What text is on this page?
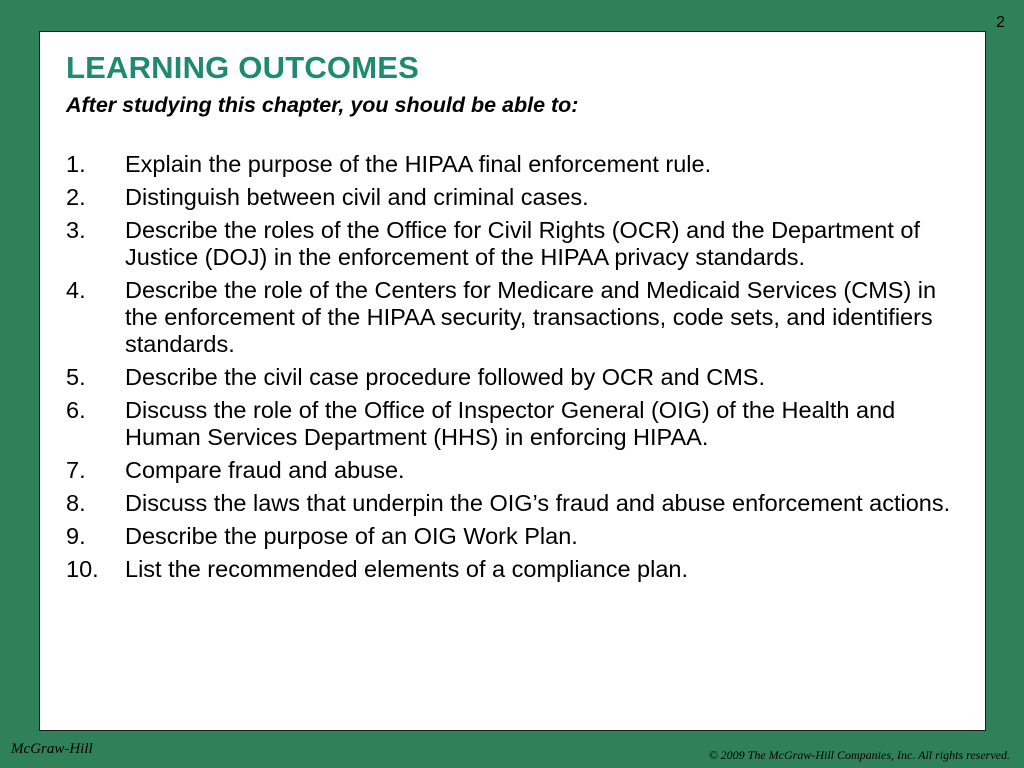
2
LEARNING OUTCOMES

After studying this chapter, you should be able to:

1.	Explain the purpose of the HIPAA final enforcement rule.
2.	Distinguish between civil and criminal cases.
3.	Describe the roles of the Office for Civil Rights (OCR) and the Department of Justice (DOJ) in the enforcement of the HIPAA privacy standards.
4.	Describe the role of the Centers for Medicare and Medicaid Services (CMS) in the enforcement of the HIPAA security, transactions, code sets, and identifiers standards.
5.	Describe the civil case procedure followed by OCR and CMS.
6.	Discuss the role of the Office of Inspector General (OIG) of the Health and Human Services Department (HHS) in enforcing HIPAA.
7.	Compare fraud and abuse.
8.	Discuss the laws that underpin the OIG’s fraud and abuse enforcement actions.
9.	Describe the purpose of an OIG Work Plan.
10.	List the recommended elements of a compliance plan.
McGraw-Hill	© 2009 The McGraw-Hill Companies, Inc. All rights reserved.
